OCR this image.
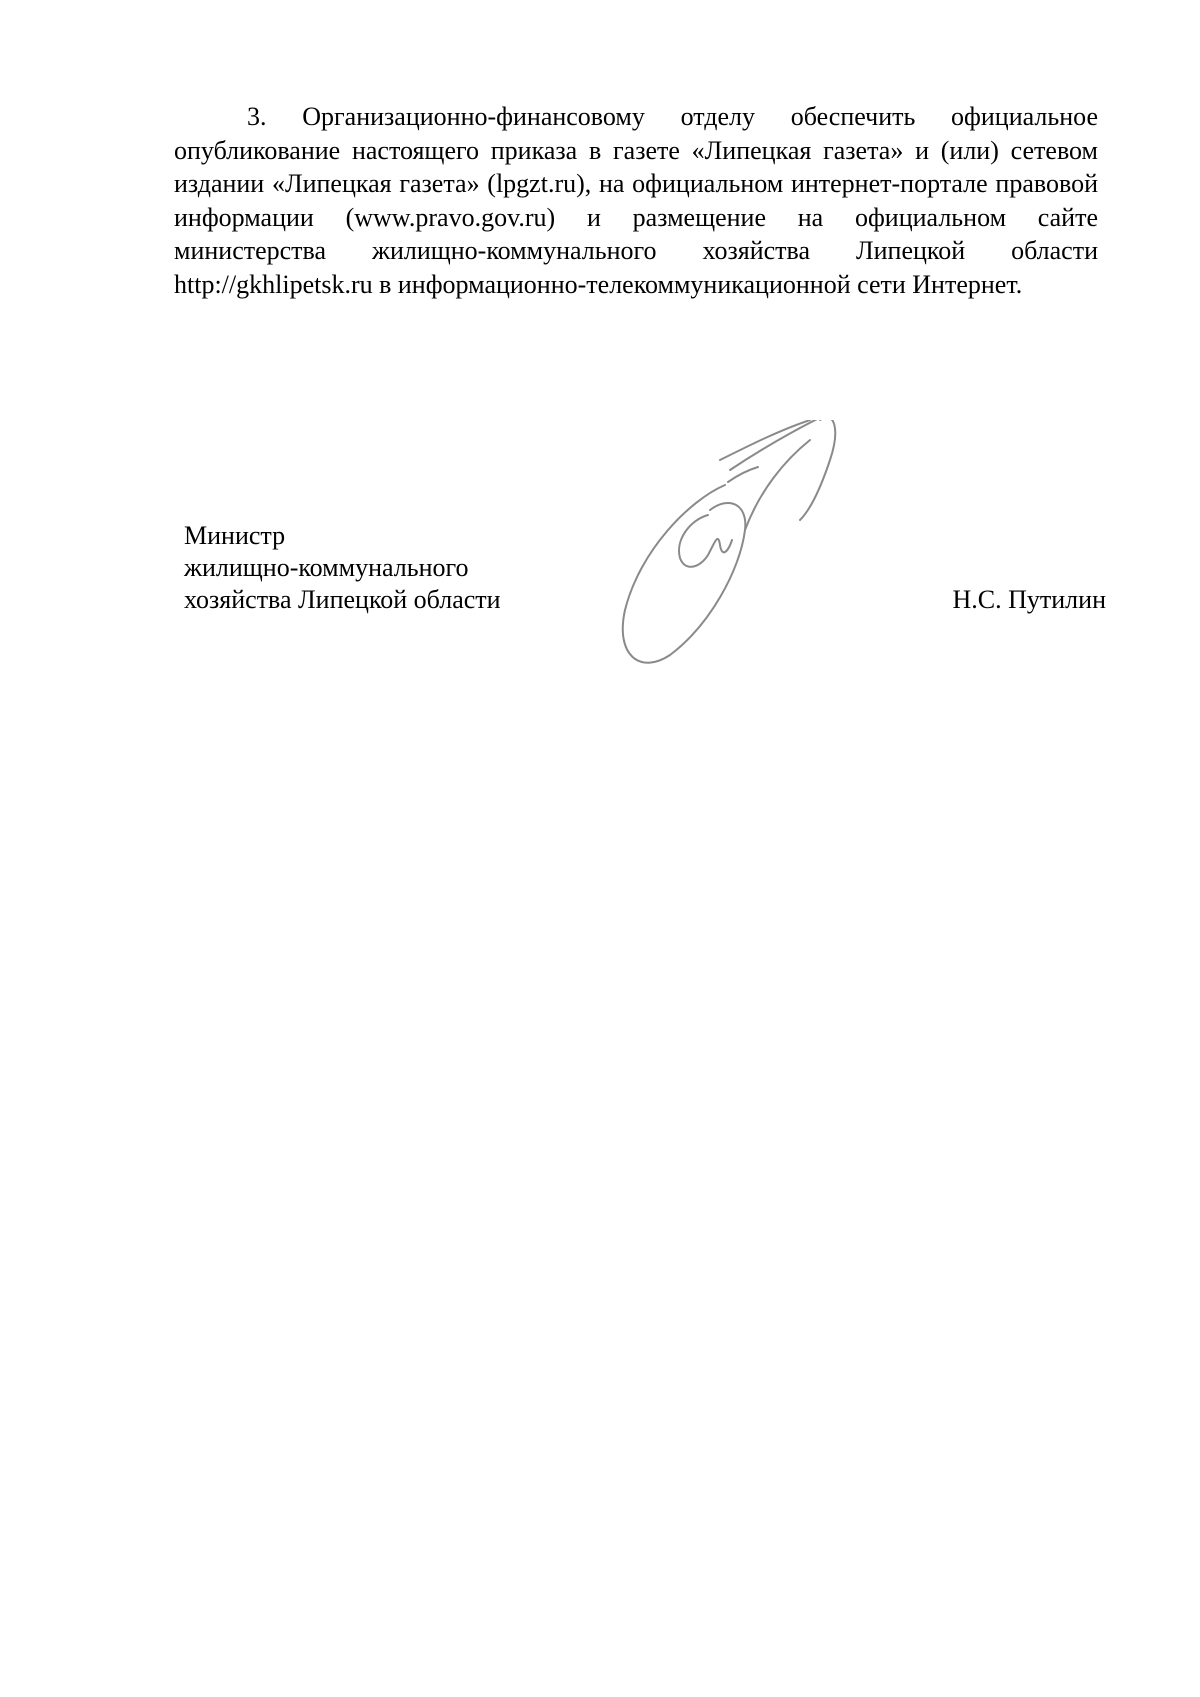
3. Организационно-финансовому отделу обеспечить официальное опубликование настоящего приказа в газете «Липецкая газета» и (или) сетевом издании «Липецкая газета» (lpgzt.ru), на официальном интернет-портале правовой информации (www.pravo.gov.ru) и размещение на официальном сайте министерства жилищно-коммунального хозяйства Липецкой области http://gkhlipetsk.ru в информационно-телекоммуникационной сети Интернет.

Министр
жилищно-коммунального
хозяйства Липецкой области	Н.С. Путилин
